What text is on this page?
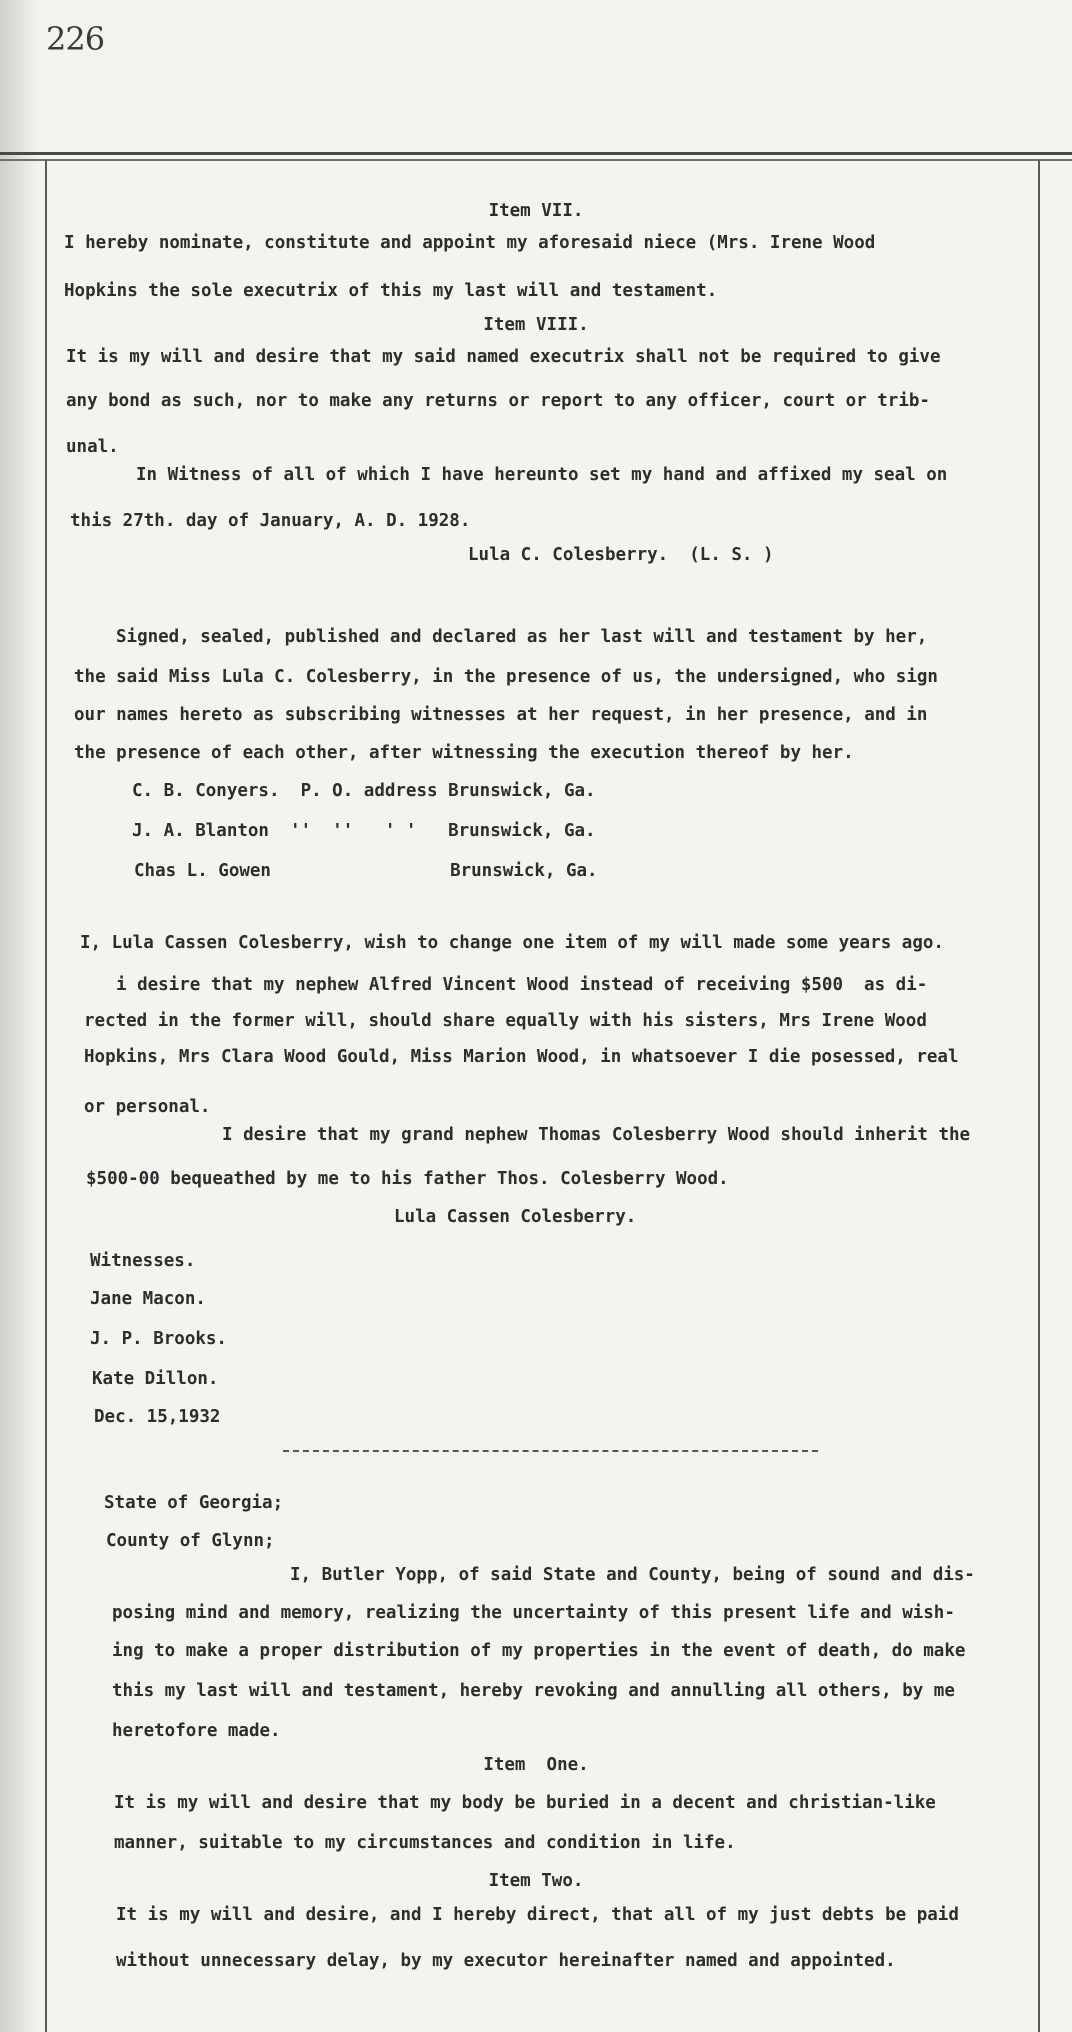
226
Item VII.
I hereby nominate, constitute and appoint my aforesaid niece (Mrs. Irene Wood
Hopkins the sole executrix of this my last will and testament.
Item VIII.
It is my will and desire that my said named executrix shall not be required to give
any bond as such, nor to make any returns or report to any officer, court or trib-
unal.
In Witness of all of which I have hereunto set my hand and affixed my seal on
this 27th. day of January, A. D. 1928.
Lula C. Colesberry.  (L. S. )
Signed, sealed, published and declared as her last will and testament by her,
the said Miss Lula C. Colesberry, in the presence of us, the undersigned, who sign
our names hereto as subscribing witnesses at her request, in her presence, and in
the presence of each other, after witnessing the execution thereof by her.
C. B. Conyers.  P. O. address Brunswick, Ga.
J. A. Blanton  ''  ''   ' '   Brunswick, Ga.
Chas L. Gowen                 Brunswick, Ga.
I, Lula Cassen Colesberry, wish to change one item of my will made some years ago.
i desire that my nephew Alfred Vincent Wood instead of receiving $500  as di-
rected in the former will, should share equally with his sisters, Mrs Irene Wood
Hopkins, Mrs Clara Wood Gould, Miss Marion Wood, in whatsoever I die posessed, real
or personal.
I desire that my grand nephew Thomas Colesberry Wood should inherit the
$500-00 bequeathed by me to his father Thos. Colesberry Wood.
Lula Cassen Colesberry.
Witnesses.
Jane Macon.
J. P. Brooks.
Kate Dillon.
Dec. 15,1932
State of Georgia;
County of Glynn;
I, Butler Yopp, of said State and County, being of sound and dis-
posing mind and memory, realizing the uncertainty of this present life and wish-
ing to make a proper distribution of my properties in the event of death, do make
this my last will and testament, hereby revoking and annulling all others, by me
heretofore made.
Item  One.
It is my will and desire that my body be buried in a decent and christian-like
manner, suitable to my circumstances and condition in life.
Item Two.
It is my will and desire, and I hereby direct, that all of my just debts be paid
without unnecessary delay, by my executor hereinafter named and appointed.
